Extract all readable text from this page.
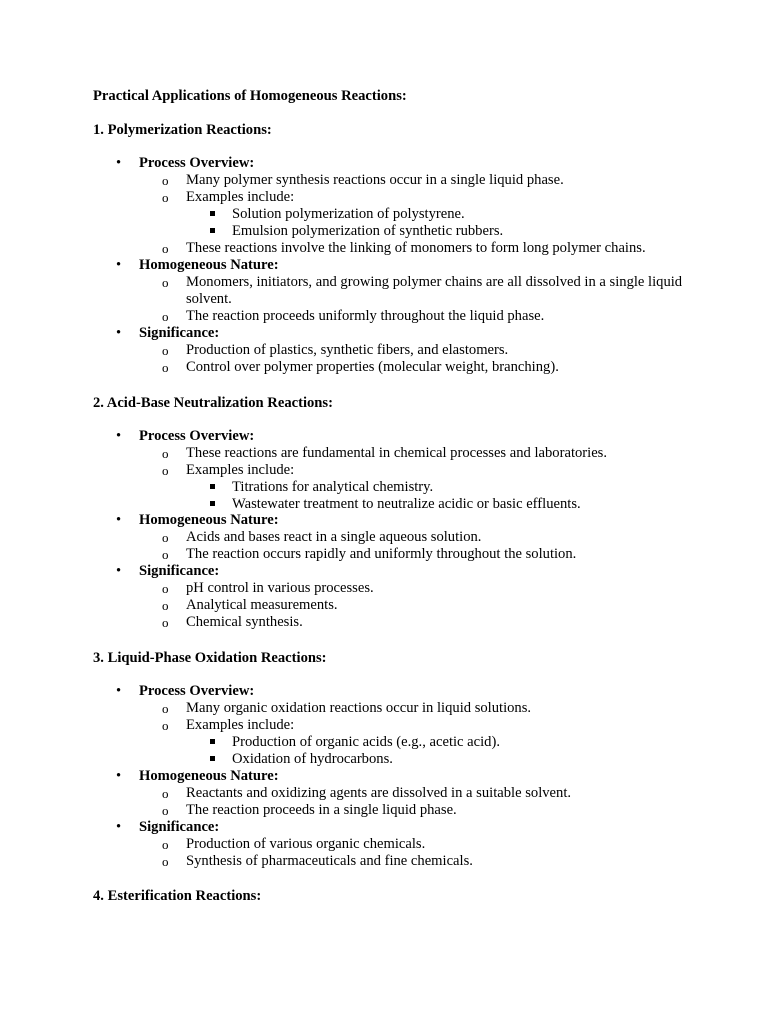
Practical Applications of Homogeneous Reactions:
1. Polymerization Reactions:
• Process Overview:
o Many polymer synthesis reactions occur in a single liquid phase.
o Examples include:
Solution polymerization of polystyrene.
Emulsion polymerization of synthetic rubbers.
o These reactions involve the linking of monomers to form long polymer chains.
• Homogeneous Nature:
o Monomers, initiators, and growing polymer chains are all dissolved in a single liquid solvent.
o The reaction proceeds uniformly throughout the liquid phase.
• Significance:
o Production of plastics, synthetic fibers, and elastomers.
o Control over polymer properties (molecular weight, branching).
2. Acid-Base Neutralization Reactions:
• Process Overview:
o These reactions are fundamental in chemical processes and laboratories.
o Examples include:
Titrations for analytical chemistry.
Wastewater treatment to neutralize acidic or basic effluents.
• Homogeneous Nature:
o Acids and bases react in a single aqueous solution.
o The reaction occurs rapidly and uniformly throughout the solution.
• Significance:
o pH control in various processes.
o Analytical measurements.
o Chemical synthesis.
3. Liquid-Phase Oxidation Reactions:
• Process Overview:
o Many organic oxidation reactions occur in liquid solutions.
o Examples include:
Production of organic acids (e.g., acetic acid).
Oxidation of hydrocarbons.
• Homogeneous Nature:
o Reactants and oxidizing agents are dissolved in a suitable solvent.
o The reaction proceeds in a single liquid phase.
• Significance:
o Production of various organic chemicals.
o Synthesis of pharmaceuticals and fine chemicals.
4. Esterification Reactions:
